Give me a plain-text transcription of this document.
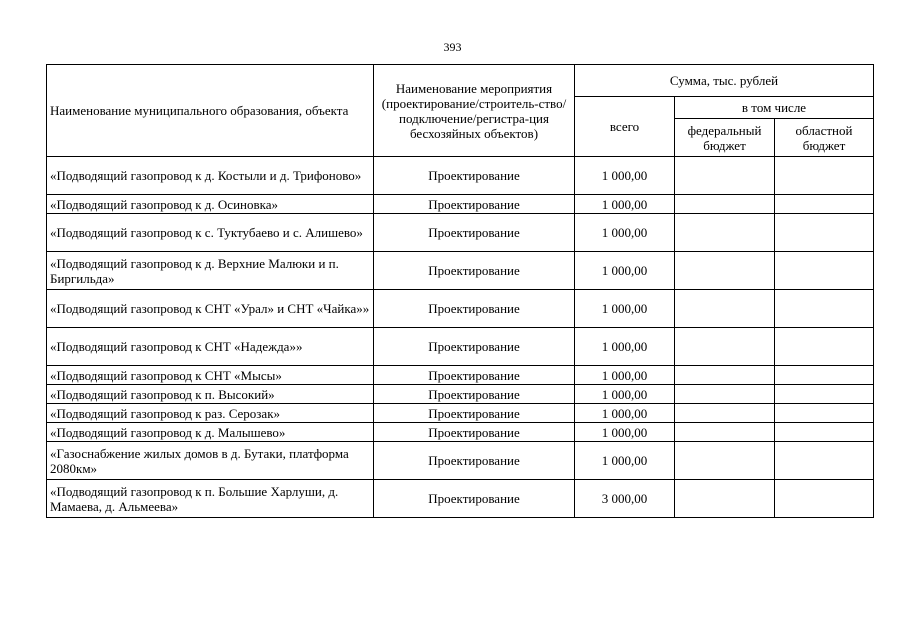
393
Наименование муниципального образования, объекта	Наименование мероприятия (проектирование/строитель-ство/подключение/регистра-ция бесхозяйных объектов)	Сумма, тыс. рублей		
		всего	в том числе	
			федеральный бюджет	областной бюджет
«Подводящий газопровод к д. Костыли и д. Трифоново»	Проектирование	1 000,00		
«Подводящий газопровод к д. Осиновка»	Проектирование	1 000,00		
«Подводящий газопровод к с. Туктубаево и с. Алишево»	Проектирование	1 000,00		
«Подводящий газопровод к д. Верхние Малюки и п. Биргильда»	Проектирование	1 000,00		
«Подводящий газопровод к СНТ «Урал» и СНТ «Чайка»»	Проектирование	1 000,00		
«Подводящий газопровод к СНТ «Надежда»»	Проектирование	1 000,00		
«Подводящий газопровод к СНТ «Мысы»	Проектирование	1 000,00		
«Подводящий газопровод к п. Высокий»	Проектирование	1 000,00		
«Подводящий газопровод к раз. Серозак»	Проектирование	1 000,00		
«Подводящий газопровод к д. Малышево»	Проектирование	1 000,00		
«Газоснабжение жилых домов в д. Бутаки, платформа 2080км»	Проектирование	1 000,00		
«Подводящий газопровод к п. Большие Харлуши, д. Мамаева, д. Альмеева»	Проектирование	3 000,00		
